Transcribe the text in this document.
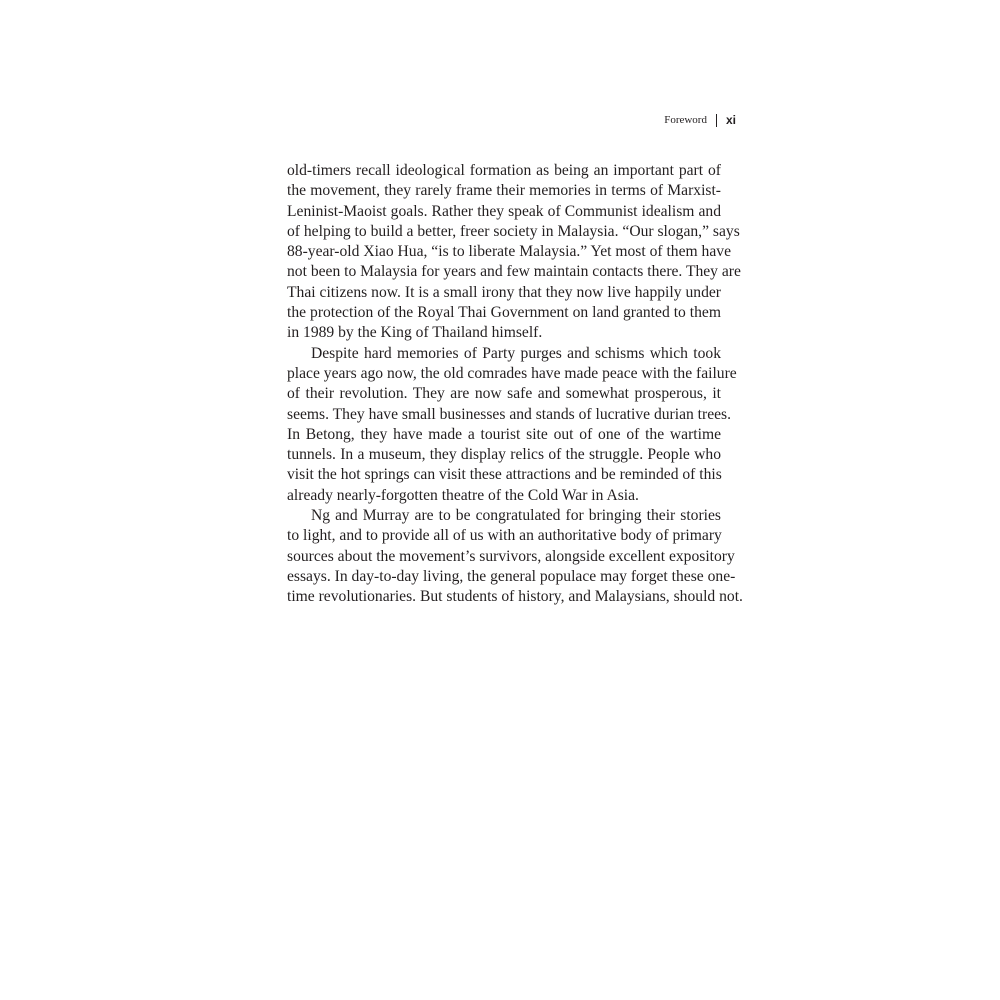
Foreword xi
old-timers recall ideological formation as being an important part of
the movement, they rarely frame their memories in terms of Marxist-
Leninist-Maoist goals. Rather they speak of Communist idealism and
of helping to build a better, freer society in Malaysia. “Our slogan,” says
88-year-old Xiao Hua, “is to liberate Malaysia.” Yet most of them have
not been to Malaysia for years and few maintain contacts there. They are
Thai citizens now. It is a small irony that they now live happily under
the protection of the Royal Thai Government on land granted to them
in 1989 by the King of Thailand himself.
Despite hard memories of Party purges and schisms which took
place years ago now, the old comrades have made peace with the failure
of their revolution. They are now safe and somewhat prosperous, it
seems. They have small businesses and stands of lucrative durian trees.
In Betong, they have made a tourist site out of one of the wartime
tunnels. In a museum, they display relics of the struggle. People who
visit the hot springs can visit these attractions and be reminded of this
already nearly-forgotten theatre of the Cold War in Asia.
Ng and Murray are to be congratulated for bringing their stories
to light, and to provide all of us with an authoritative body of primary
sources about the movement’s survivors, alongside excellent expository
essays. In day-to-day living, the general populace may forget these one-
time revolutionaries. But students of history, and Malaysians, should not.
